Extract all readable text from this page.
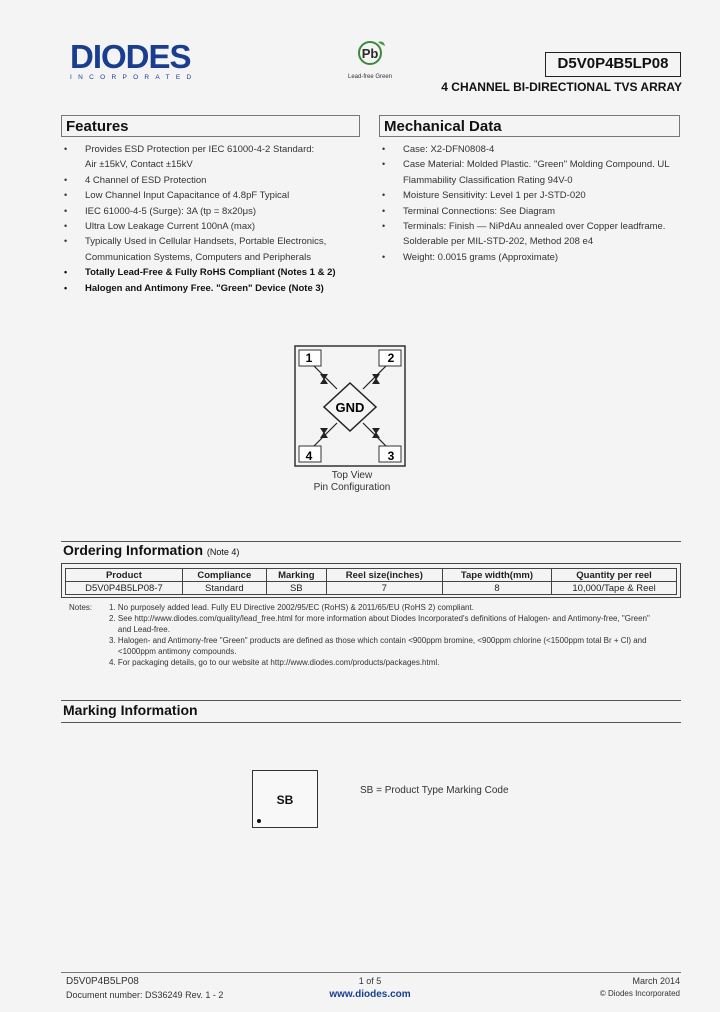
DIODES
INCORPORATED
Pb
Lead-free Green
D5V0P4B5LP08
4 CHANNEL BI-DIRECTIONAL TVS ARRAY
Features
• Provides ESD Protection per IEC 61000-4-2 Standard:
Air ±15kV, Contact ±15kV
• 4 Channel of ESD Protection
• Low Channel Input Capacitance of 4.8pF Typical
• IEC 61000-4-5 (Surge): 3A (tp = 8x20μs)
• Ultra Low Leakage Current 100nA (max)
• Typically Used in Cellular Handsets, Portable Electronics,
Communication Systems, Computers and Peripherals
• Totally Lead-Free & Fully RoHS Compliant (Notes 1 & 2)
• Halogen and Antimony Free. "Green" Device (Note 3)
Mechanical Data
• Case: X2-DFN0808-4
• Case Material: Molded Plastic. "Green" Molding Compound. UL
Flammability Classification Rating 94V-0
• Moisture Sensitivity: Level 1 per J-STD-020
• Terminal Connections: See Diagram
• Terminals: Finish — NiPdAu annealed over Copper leadframe.
Solderable per MIL-STD-202, Method 208 e4
• Weight: 0.0015 grams (Approximate)
1	2
3
4
GND
Top View
Pin Configuration
Ordering Information (Note 4)
Product	Compliance	Marking	Reel size(inches)	Tape width(mm)	Quantity per reel
D5V0P4B5LP08-7	Standard	SB	7	8	10,000/Tape & Reel
Notes: 1. No purposely added lead. Fully EU Directive 2002/95/EC (RoHS) & 2011/65/EU (RoHS 2) compliant.
2. See http://www.diodes.com/quality/lead_free.html for more information about Diodes Incorporated's definitions of Halogen- and Antimony-free, "Green"
and Lead-free.
3. Halogen- and Antimony-free "Green" products are defined as those which contain <900ppm bromine, <900ppm chlorine (<1500ppm total Br + Cl) and
<1000ppm antimony compounds.
4. For packaging details, go to our website at http://www.diodes.com/products/packages.html.
Marking Information
SB
SB = Product Type Marking Code
D5V0P4B5LP08
Document number: DS36249 Rev. 1 - 2
1 of 5
www.diodes.com
March 2014
© Diodes Incorporated
